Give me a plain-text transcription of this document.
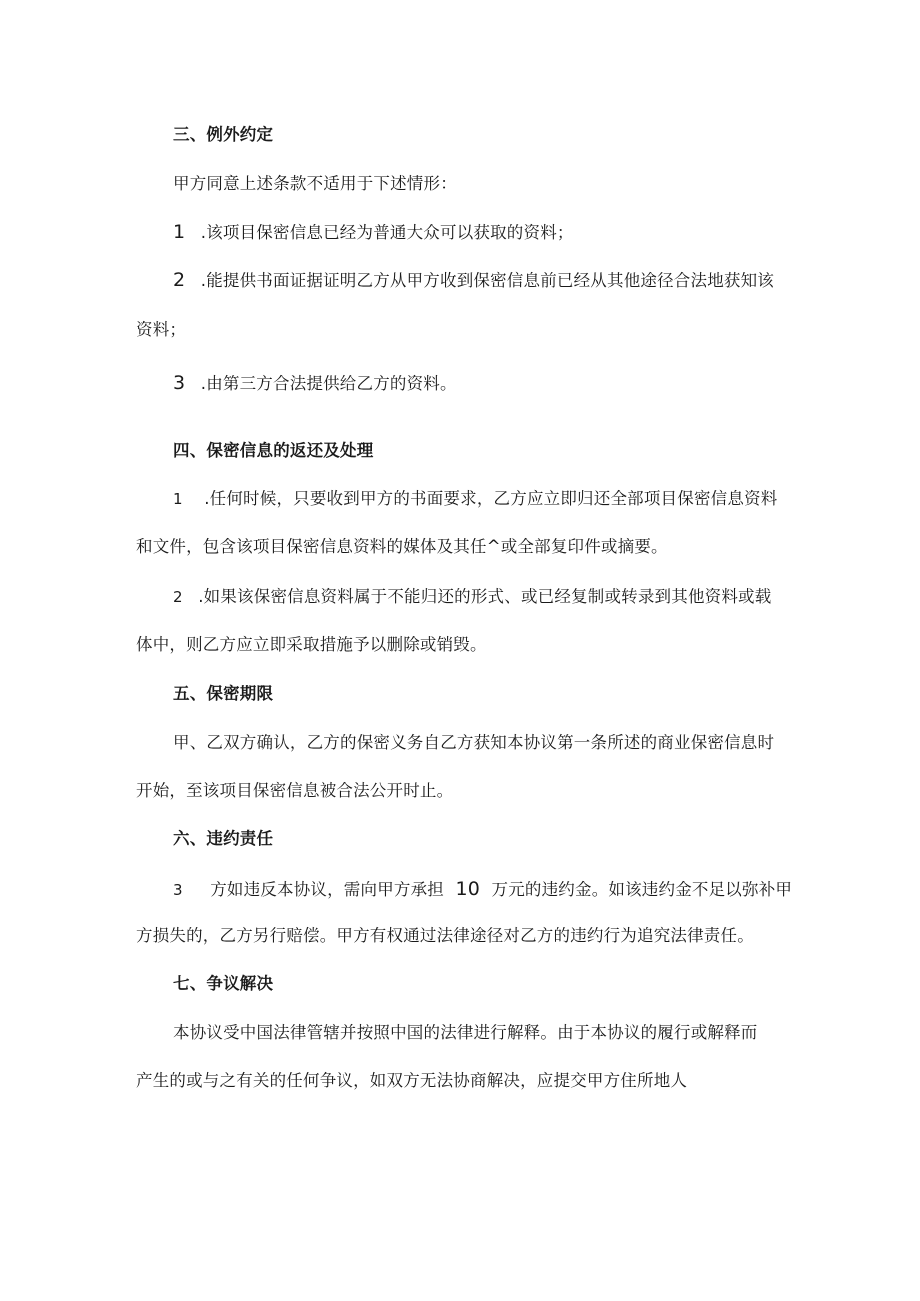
三、例外约定
甲方同意上述条款不适用于下述情形：
1 .该项目保密信息已经为普通大众可以获取的资料；
2 .能提供书面证据证明乙方从甲方收到保密信息前已经从其他途径合法地获知该
资料；
3 .由第三方合法提供给乙方的资料。
四、保密信息的返还及处理
1 .任何时候，只要收到甲方的书面要求，乙方应立即归还全部项目保密信息资料
和文件，包含该项目保密信息资料的媒体及其任^或全部复印件或摘要。
2 .如果该保密信息资料属于不能归还的形式、或已经复制或转录到其他资料或载
体中，则乙方应立即采取措施予以删除或销毁。
五、保密期限
甲、乙双方确认，乙方的保密义务自乙方获知本协议第一条所述的商业保密信息时
开始，至该项目保密信息被合法公开时止。
六、违约责任
3 方如违反本协议，需向甲方承担 10 万元的违约金。如该违约金不足以弥补甲
方损失的，乙方另行赔偿。甲方有权通过法律途径对乙方的违约行为追究法律责任。
七、争议解决
本协议受中国法律管辖并按照中国的法律进行解释。由于本协议的履行或解释而
产生的或与之有关的任何争议，如双方无法协商解决，应提交甲方住所地人
